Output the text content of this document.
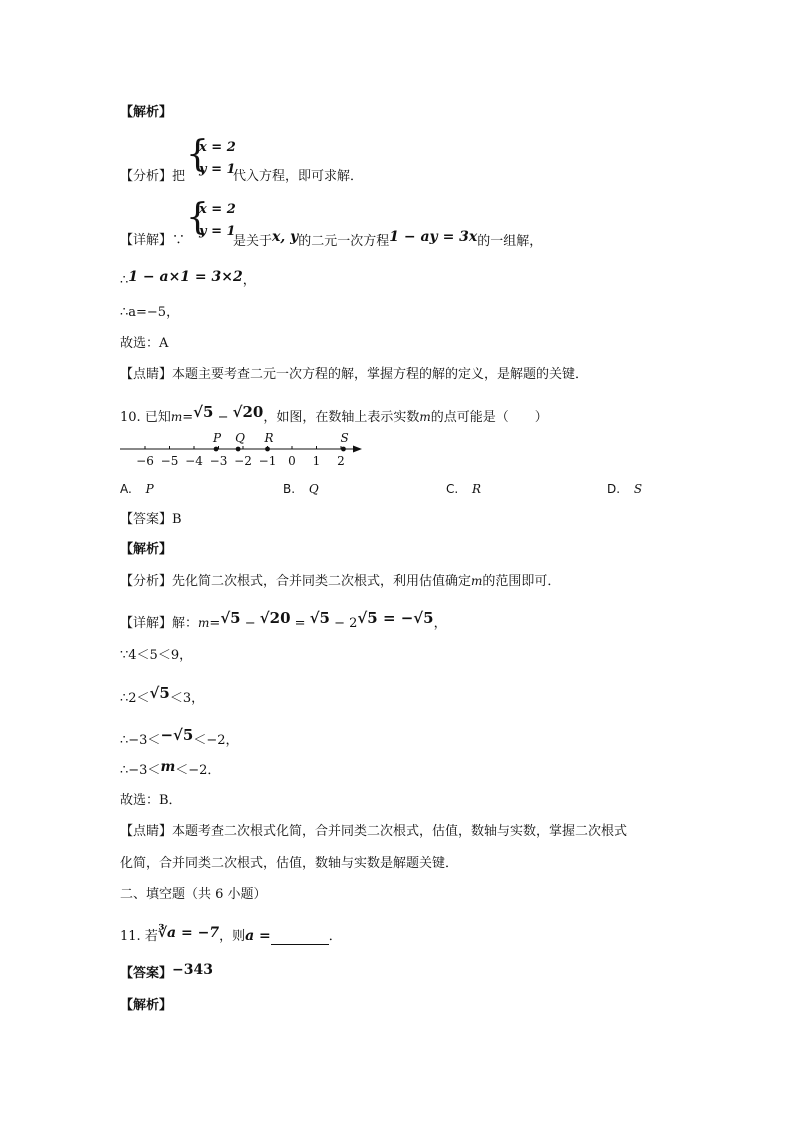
【解析】
【分析】把
{
x = 2
y = 1
代入方程，即可求解．
【详解】∵
{
x = 2
y = 1
是关于x, y的二元一次方程1 − ay = 3x的一组解，
∴1 − a×1 = 3×2，
∴a=−5，
故选：A
【点睛】本题主要考查二元一次方程的解，掌握方程的解的定义，是解题的关键．
10. 已知m=√5 − √20，如图，在数轴上表示实数m的点可能是（　　）
−6 −5 −4 −3 −2 −1 0 1 2
P Q R	S
A. P	B. Q	C. R	D. S
【答案】B
【解析】
【分析】先化简二次根式，合并同类二次根式，利用估值确定m的范围即可．
【详解】解：m=√5 − √20 = √5 − 2√5 = −√5，
∵4＜5＜9，
∴2＜√5＜3，
∴−3＜−√5＜−2，
∴−3＜m＜−2．
故选：B．
【点睛】本题考查二次根式化简，合并同类二次根式，估值，数轴与实数，掌握二次根式
化简，合并同类二次根式，估值，数轴与实数是解题关键．
二、填空题（共 6 小题）
11. 若∛a = −7，则a =	．
【答案】−343
【解析】
